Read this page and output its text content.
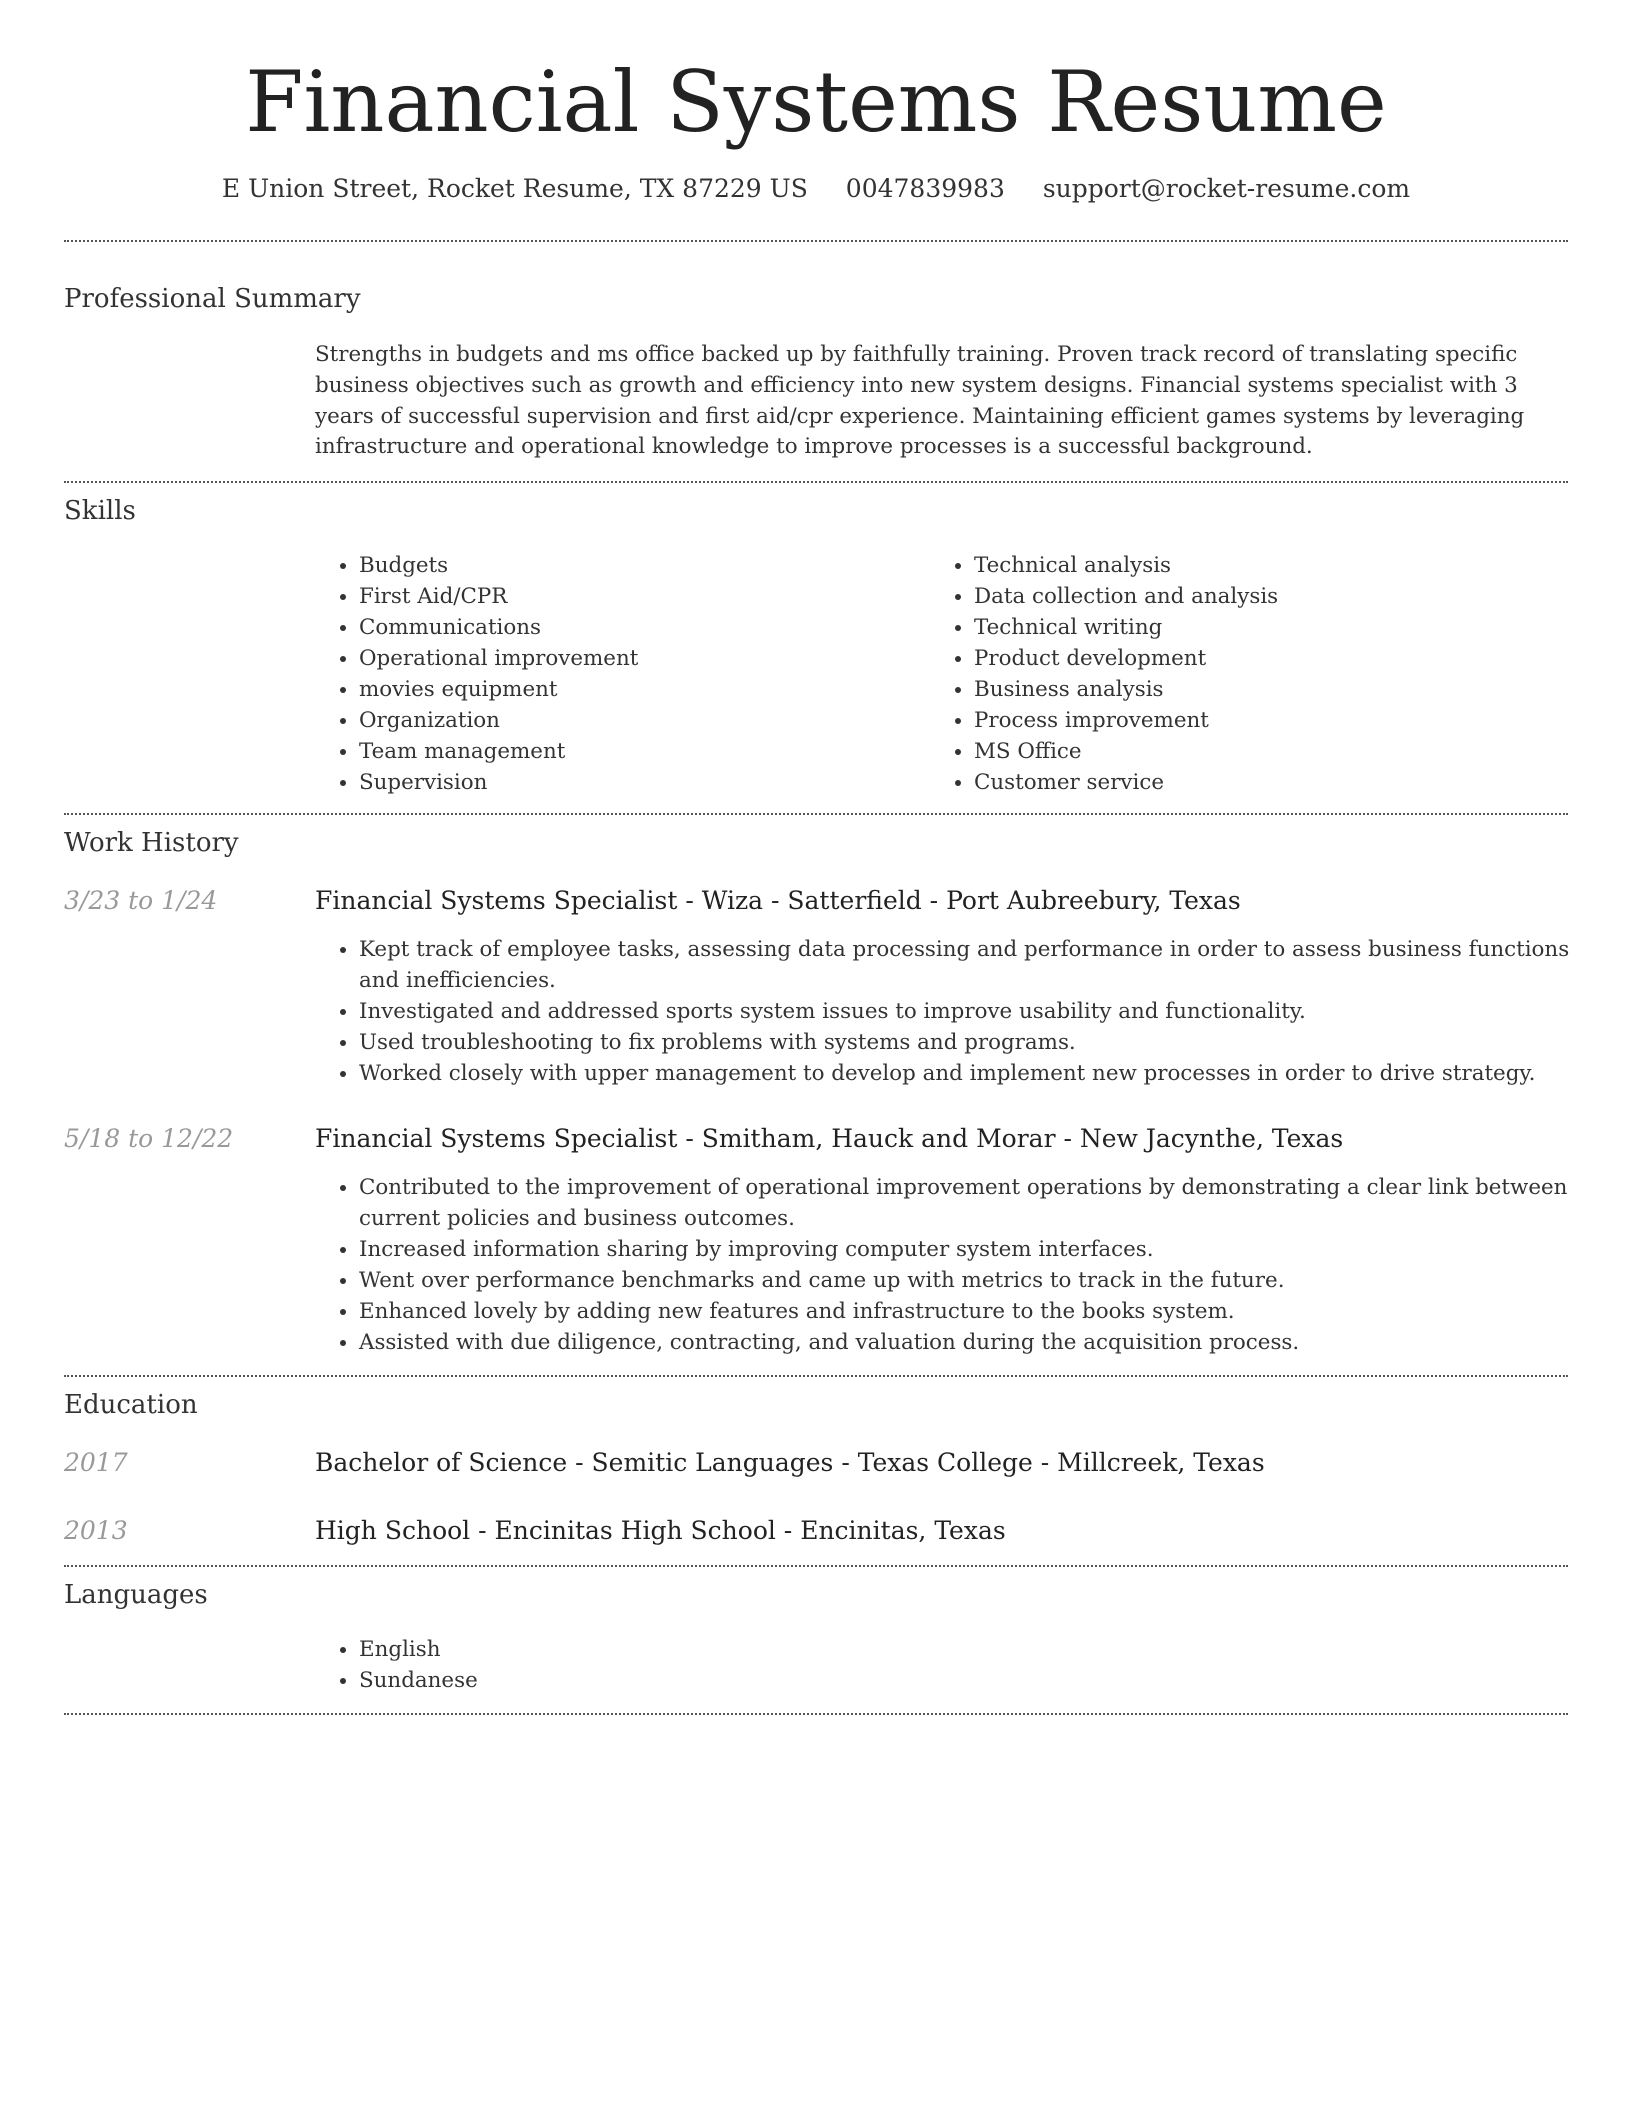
Financial Systems Resume
E Union Street, Rocket Resume, TX 87229 US 0047839983 support@rocket-resume.com
Professional Summary

Strengths in budgets and ms office backed up by faithfully training. Proven track record of translating specific business objectives such as growth and efficiency into new system designs. Financial systems specialist with 3 years of successful supervision and first aid/cpr experience. Maintaining efficient games systems by leveraging infrastructure and operational knowledge to improve processes is a successful background.

Skills
• Budgets
• First Aid/CPR
• Communications
• Operational improvement
• movies equipment
• Organization
• Team management
• Supervision
• Technical analysis
• Data collection and analysis
• Technical writing
• Product development
• Business analysis
• Process improvement
• MS Office
• Customer service
Work History
3/23 to 1/24	Financial Systems Specialist - Wiza - Satterfield - Port Aubreebury, Texas
• Kept track of employee tasks, assessing data processing and performance in order to assess business functions and inefficiencies.
• Investigated and addressed sports system issues to improve usability and functionality.
• Used troubleshooting to fix problems with systems and programs.
• Worked closely with upper management to develop and implement new processes in order to drive strategy.
5/18 to 12/22	Financial Systems Specialist - Smitham, Hauck and Morar - New Jacynthe, Texas
• Contributed to the improvement of operational improvement operations by demonstrating a clear link between current policies and business outcomes.
• Increased information sharing by improving computer system interfaces.
• Went over performance benchmarks and came up with metrics to track in the future.
• Enhanced lovely by adding new features and infrastructure to the books system.
• Assisted with due diligence, contracting, and valuation during the acquisition process.
Education
2017	Bachelor of Science - Semitic Languages - Texas College - Millcreek, Texas
2013	High School - Encinitas High School - Encinitas, Texas
Languages
• English
• Sundanese
